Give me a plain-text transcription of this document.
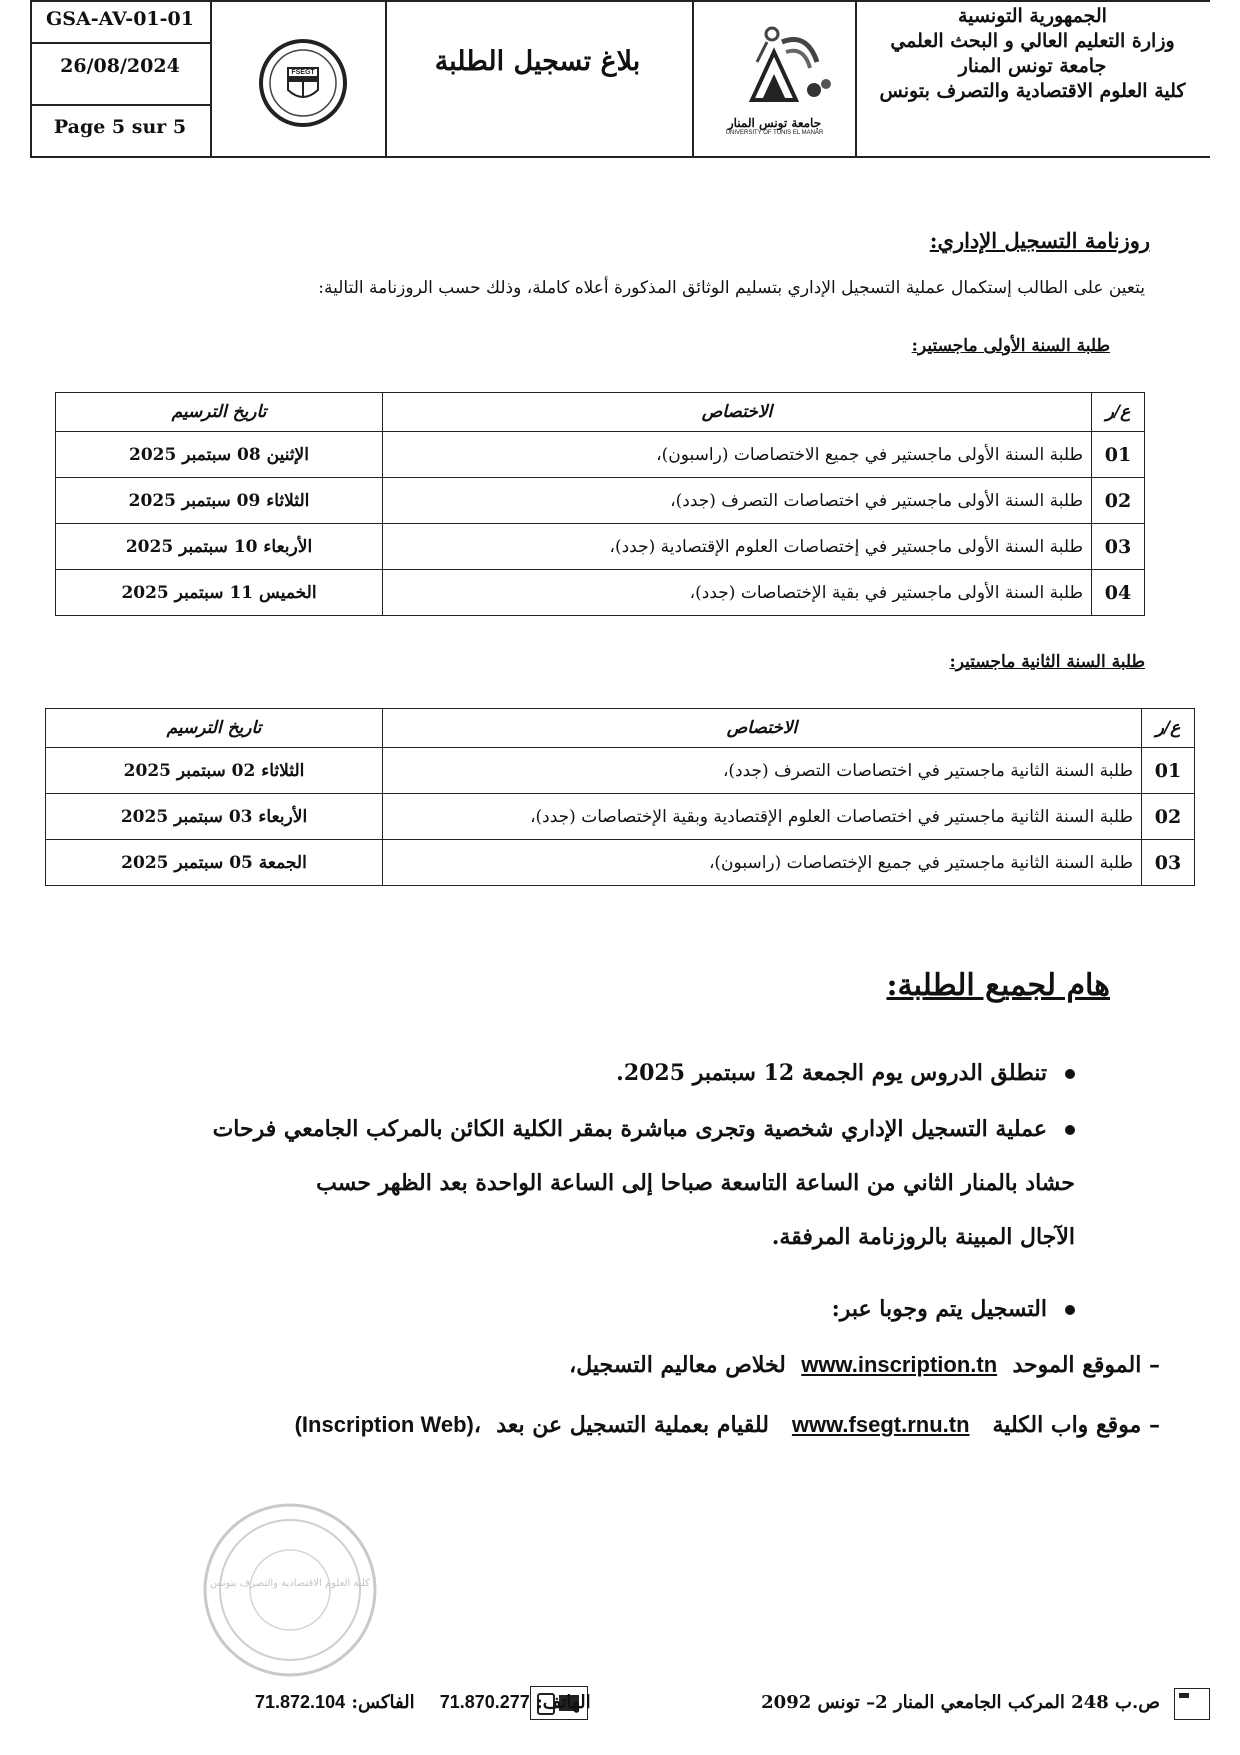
GSA-AV-01-01
26/08/2024
Page 5 sur 5
FSEGT	بلاغ تسجيل الطلبة
جامعة تونس المنار
UNIVERSITY OF TUNIS EL MANAR
الجمهورية التونسية
وزارة التعليم العالي و البحث العلمي
جامعة تونس المنار
كلية العلوم الاقتصادية والتصرف بتونس
روزنامة التسجيل الإداري:
يتعين على الطالب إستكمال عملية التسجيل الإداري بتسليم الوثائق المذكورة أعلاه كاملة، وذلك حسب الروزنامة التالية:
طلبة السنة الأولى ماجستير:
ع/ر	الاختصاص	تاريخ الترسيم
01	طلبة السنة الأولى ماجستير في جميع الاختصاصات (راسبون)،	الإثنين 08 سبتمبر 2025
02	طلبة السنة الأولى ماجستير في اختصاصات التصرف (جدد)،	الثلاثاء 09 سبتمبر 2025
03	طلبة السنة الأولى ماجستير في إختصاصات العلوم الإقتصادية (جدد)،	الأربعاء 10 سبتمبر 2025
04	طلبة السنة الأولى ماجستير في بقية الإختصاصات (جدد)،	الخميس 11 سبتمبر 2025
طلبة السنة الثانية ماجستير:
ع/ر	الاختصاص	تاريخ الترسيم
01	طلبة السنة الثانية ماجستير في اختصاصات التصرف (جدد)،	الثلاثاء 02 سبتمبر 2025
02	طلبة السنة الثانية ماجستير في اختصاصات العلوم الإقتصادية وبقية الإختصاصات (جدد)،	الأربعاء 03 سبتمبر 2025
03	طلبة السنة الثانية ماجستير في جميع الإختصاصات (راسبون)،	الجمعة 05 سبتمبر 2025
هام لجميع الطلبة:
تنطلق الدروس يوم الجمعة 12 سبتمبر 2025.
عملية التسجيل الإداري شخصية وتجرى مباشرة بمقر الكلية الكائن بالمركب الجامعي فرحات
حشاد بالمنار الثاني من الساعة التاسعة صباحا إلى الساعة الواحدة بعد الظهر حسب
الآجال المبينة بالروزنامة المرفقة.
التسجيل يتم وجوبا عبر:
– الموقع الموحد  www.inscription.tn  لخلاص معاليم التسجيل،
– موقع واب الكلية   www.fsegt.rnu.tn   للقيام بعملية التسجيل عن بعد  (Inscription Web)،
كلية العلوم الاقتصادية والتصرف بتونس
ص.ب 248 المركب الجامعي المنار 2– تونس 2092
الهاتف: 71.870.277    الفاكس: 71.872.104
